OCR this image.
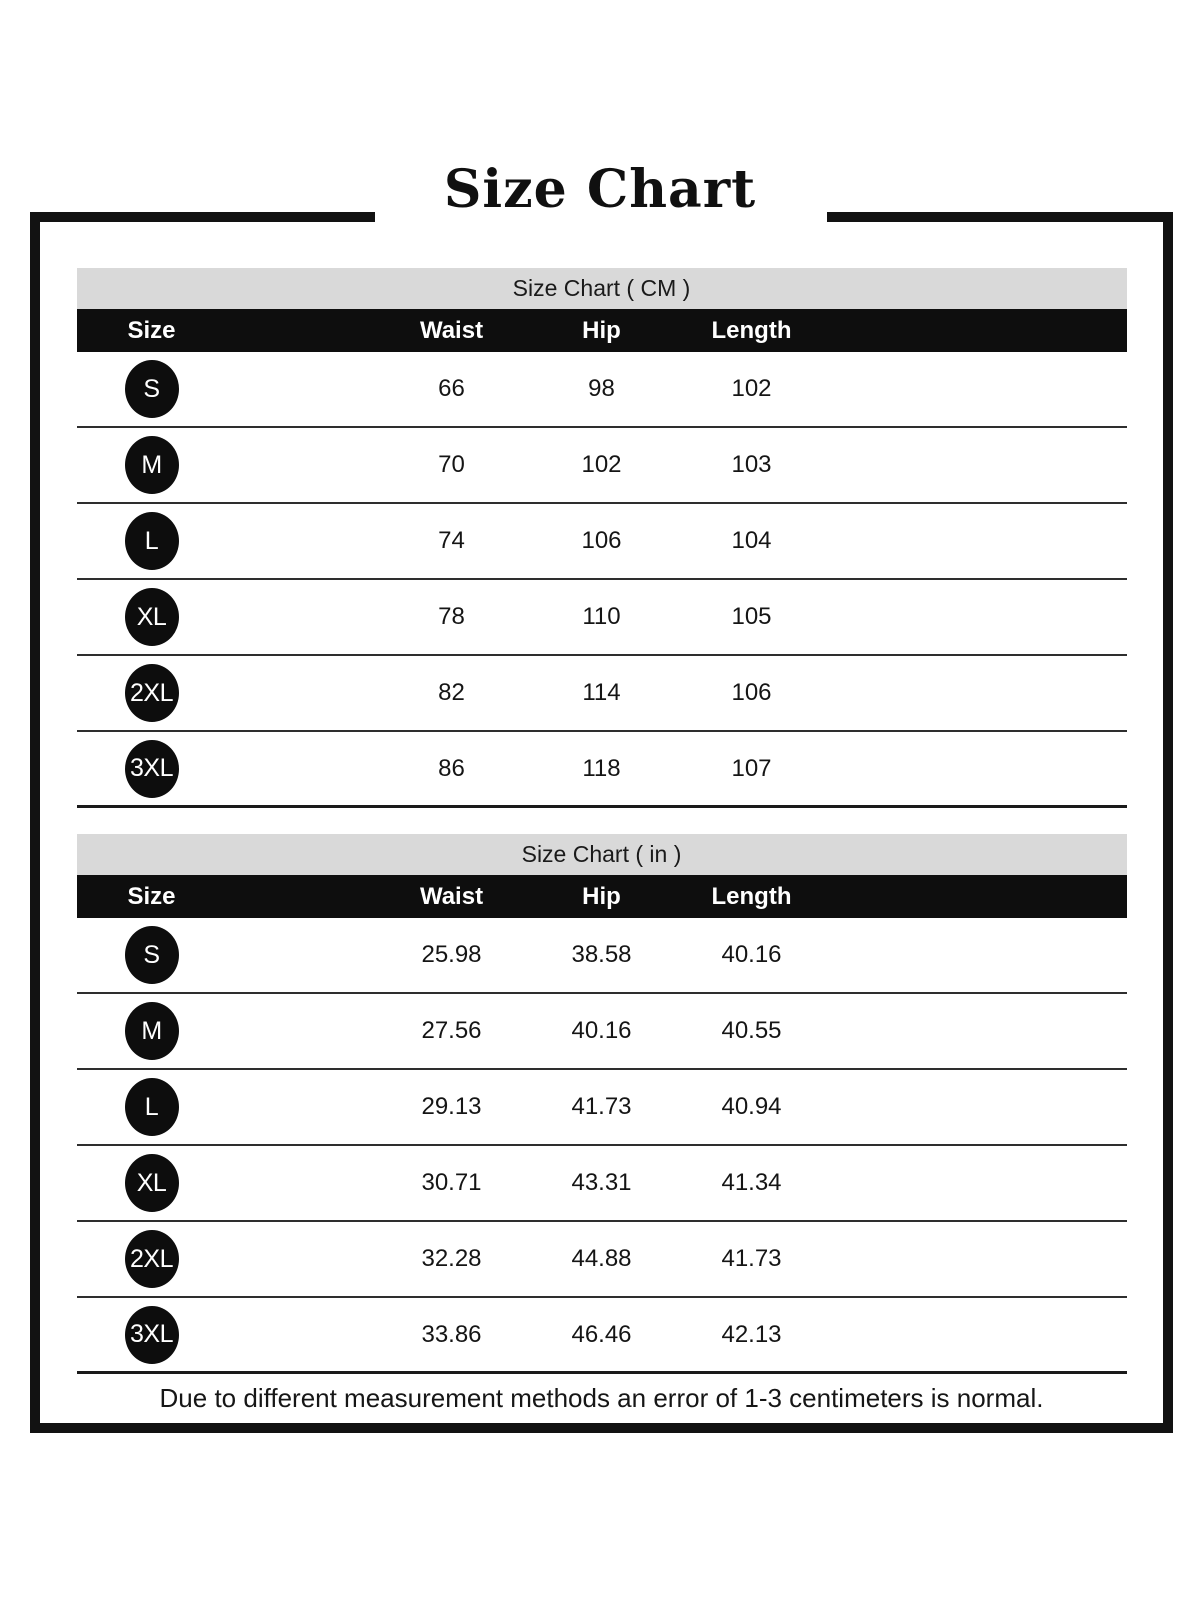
Size Chart
Size Chart ( CM )
Size	Waist	Hip	Length
S	66	98	102
M	70	102	103
L	74	106	104
XL	78	110	105
2XL	82	114	106
3XL	86	118	107
Size Chart ( in )
Size	Waist	Hip	Length
S	25.98	38.58	40.16
M	27.56	40.16	40.55
L	29.13	41.73	40.94
XL	30.71	43.31	41.34
2XL	32.28	44.88	41.73
3XL	33.86	46.46	42.13
Due to different measurement methods an error of 1-3 centimeters is normal.
